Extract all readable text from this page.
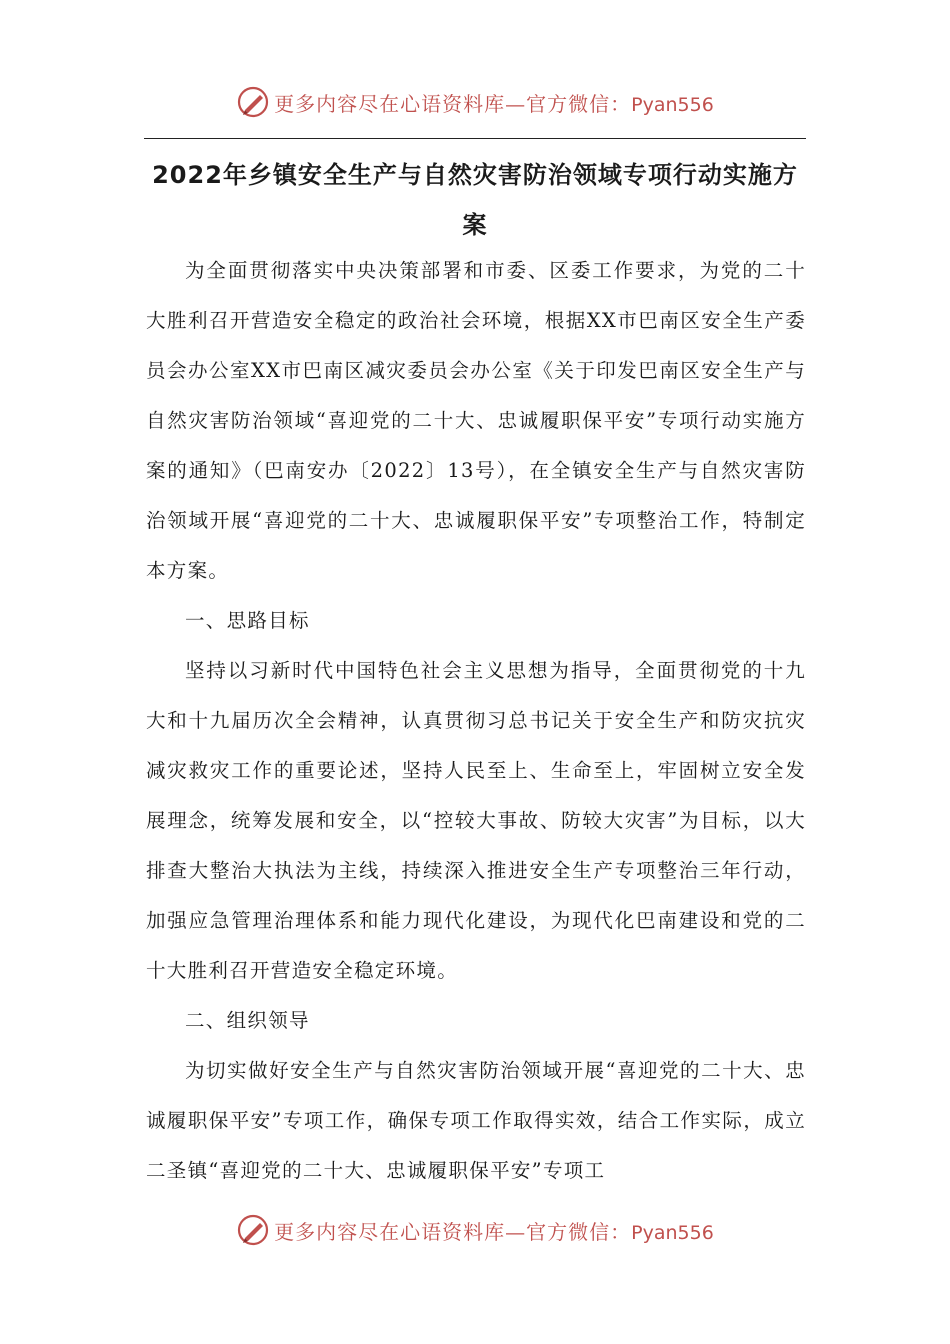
更多内容尽在心语资料库—官方微信：Pyan556
2022年乡镇安全生产与自然灾害防治领域专项行动实施方
案

为全面贯彻落实中央决策部署和市委、区委工作要求，为党的二十大胜利召开营造安全稳定的政治社会环境，根据XX市巴南区安全生产委员会办公室XX市巴南区减灾委员会办公室《关于印发巴南区安全生产与自然灾害防治领域“喜迎党的二十大、忠诚履职保平安”专项行动实施方案的通知》（巴南安办〔2022〕13号），在全镇安全生产与自然灾害防治领域开展“喜迎党的二十大、忠诚履职保平安”专项整治工作，特制定本方案。

一、思路目标

坚持以习新时代中国特色社会主义思想为指导，全面贯彻党的十九大和十九届历次全会精神，认真贯彻习总书记关于安全生产和防灾抗灾减灾救灾工作的重要论述，坚持人民至上、生命至上，牢固树立安全发展理念，统筹发展和安全，以“控较大事故、防较大灾害”为目标，以大排查大整治大执法为主线，持续深入推进安全生产专项整治三年行动，加强应急管理治理体系和能力现代化建设，为现代化巴南建设和党的二十大胜利召开营造安全稳定环境。

二、组织领导

为切实做好安全生产与自然灾害防治领域开展“喜迎党的二十大、忠诚履职保平安”专项工作，确保专项工作取得实效，结合工作实际，成立二圣镇“喜迎党的二十大、忠诚履职保平安”专项工

更多内容尽在心语资料库—官方微信：Pyan556
